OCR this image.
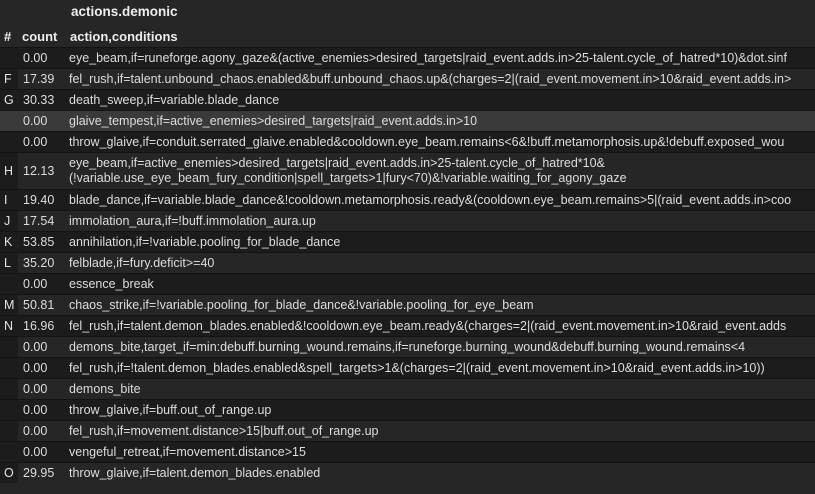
actions.demonic
#	count	action,conditions
	0.00	eye_beam,if=runeforge.agony_gaze&(active_enemies>desired_targets|raid_event.adds.in>25-talent.cycle_of_hatred*10)&dot.sinf

F	17.39	fel_rush,if=talent.unbound_chaos.enabled&buff.unbound_chaos.up&(charges=2|(raid_event.movement.in>10&raid_event.adds.in>

G	30.33	death_sweep,if=variable.blade_dance

	0.00	glaive_tempest,if=active_enemies>desired_targets|raid_event.adds.in>10

	0.00	throw_glaive,if=conduit.serrated_glaive.enabled&cooldown.eye_beam.remains<6&!buff.metamorphosis.up&!debuff.exposed_wou

H	12.13	eye_beam,if=active_enemies>desired_targets|raid_event.adds.in>25-talent.cycle_of_hatred*10&
(!variable.use_eye_beam_fury_condition|spell_targets>1|fury<70)&!variable.waiting_for_agony_gaze

I	19.40	blade_dance,if=variable.blade_dance&!cooldown.metamorphosis.ready&(cooldown.eye_beam.remains>5|(raid_event.adds.in>coo

J	17.54	immolation_aura,if=!buff.immolation_aura.up

K	53.85	annihilation,if=!variable.pooling_for_blade_dance

L	35.20	felblade,if=fury.deficit>=40

	0.00	essence_break

M	50.81	chaos_strike,if=!variable.pooling_for_blade_dance&!variable.pooling_for_eye_beam

N	16.96	fel_rush,if=talent.demon_blades.enabled&!cooldown.eye_beam.ready&(charges=2|(raid_event.movement.in>10&raid_event.adds

	0.00	demons_bite,target_if=min:debuff.burning_wound.remains,if=runeforge.burning_wound&debuff.burning_wound.remains<4

	0.00	fel_rush,if=!talent.demon_blades.enabled&spell_targets>1&(charges=2|(raid_event.movement.in>10&raid_event.adds.in>10))

	0.00	demons_bite

	0.00	throw_glaive,if=buff.out_of_range.up

	0.00	fel_rush,if=movement.distance>15|buff.out_of_range.up

	0.00	vengeful_retreat,if=movement.distance>15

O	29.95	throw_glaive,if=talent.demon_blades.enabled
